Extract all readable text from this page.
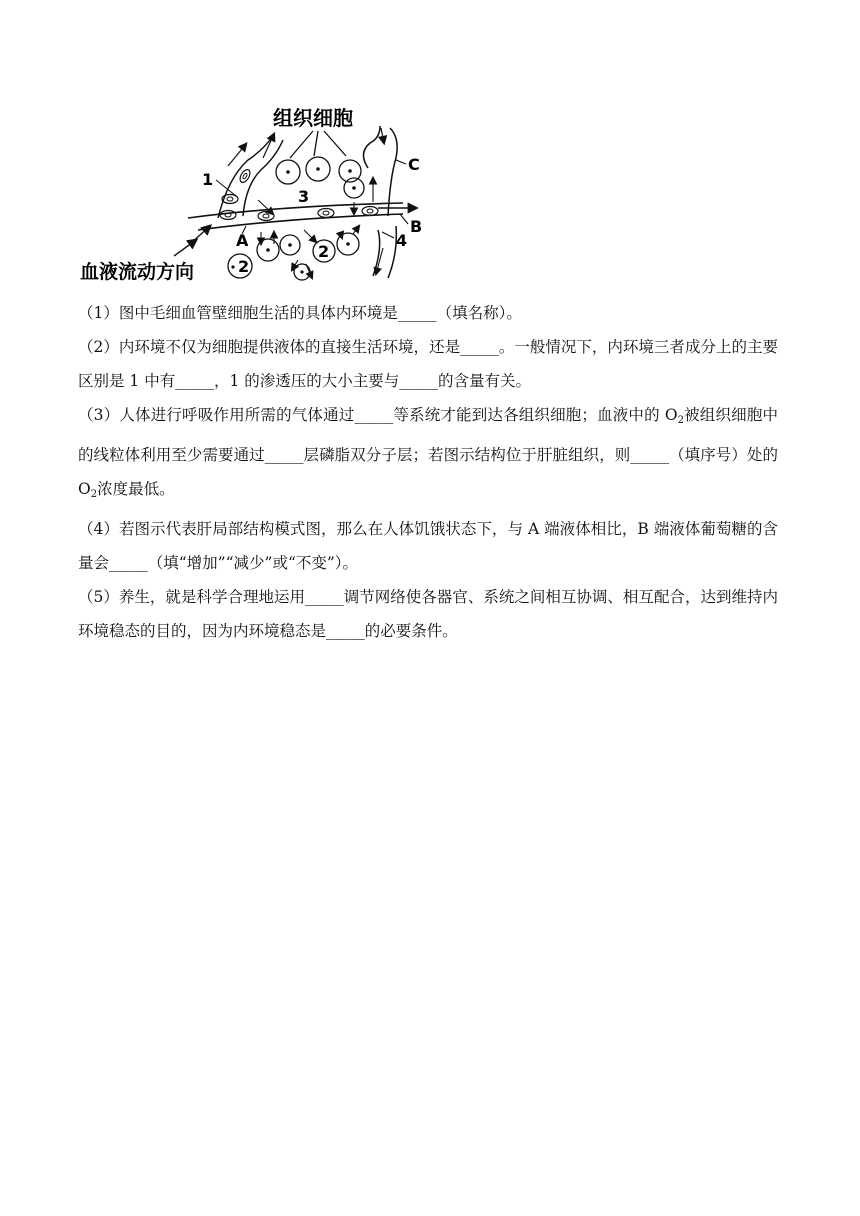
组织细胞
1
3
C
4
B
A
2
2
血液流动方向

（1）图中毛细血管壁细胞生活的具体内环境是_____（填名称）。

（2）内环境不仅为细胞提供液体的直接生活环境，还是_____。一般情况下，内环境三者成分上的主要区别是 1 中有_____，1 的渗透压的大小主要与_____的含量有关。

（3）人体进行呼吸作用所需的气体通过_____等系统才能到达各组织细胞；血液中的 $O_2$被组织细胞中的线粒体利用至少需要通过_____层磷脂双分子层；若图示结构位于肝脏组织，则_____（填序号）处的 $O_2$浓度最低。

（4）若图示代表肝局部结构模式图，那么在人体饥饿状态下，与 A 端液体相比，B 端液体葡萄糖的含量会_____（填“增加”“减少”或“不变”）。

（5）养生，就是科学合理地运用_____调节网络使各器官、系统之间相互协调、相互配合，达到维持内环境稳态的目的，因为内环境稳态是_____的必要条件。
